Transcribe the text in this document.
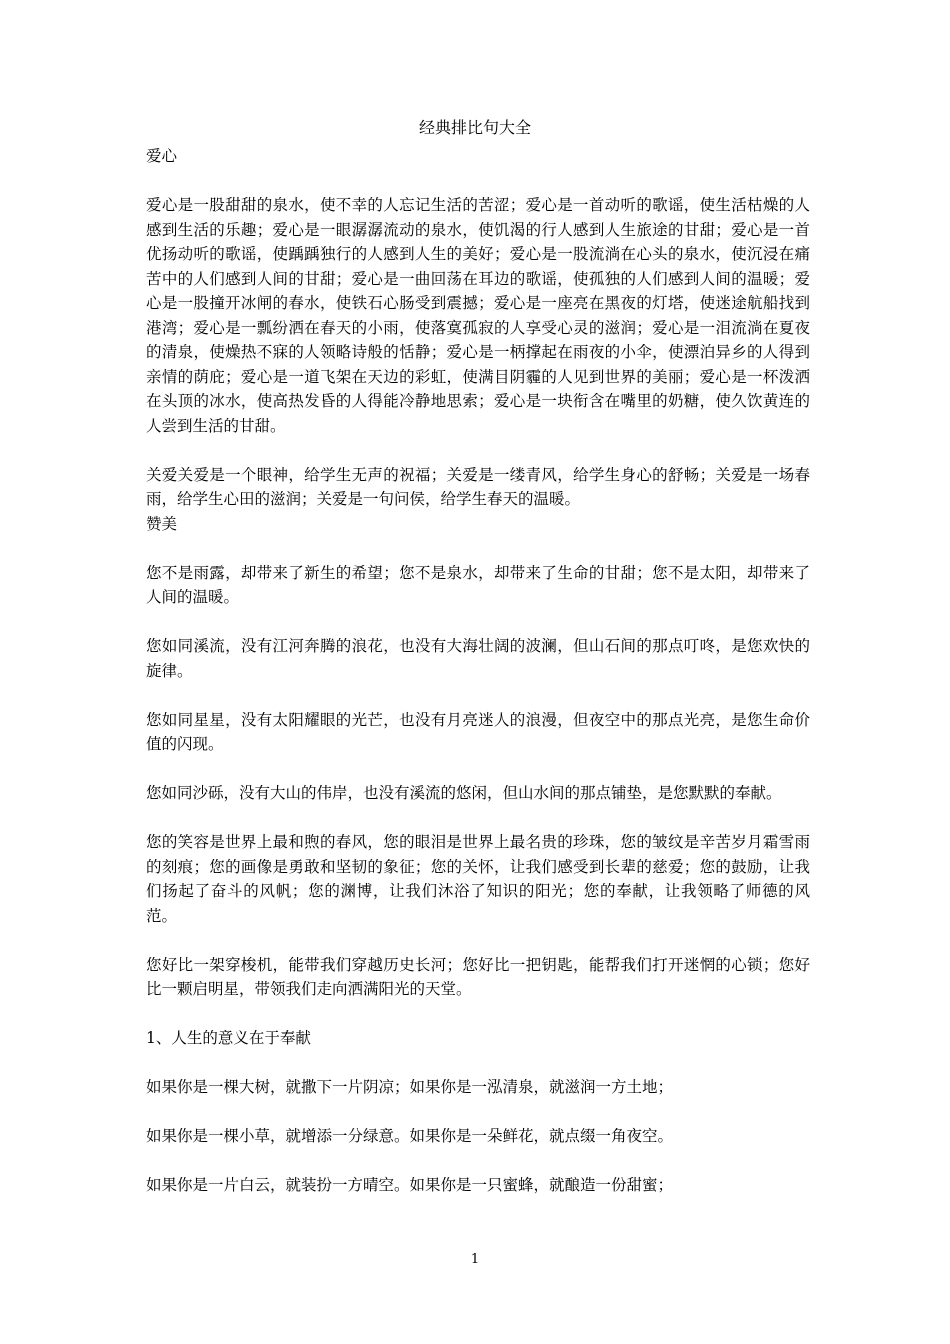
经典排比句大全

爱心

爱心是一股甜甜的泉水，使不幸的人忘记生活的苦涩；爱心是一首动听的歌谣，使生活枯燥的人感到生活的乐趣；爱心是一眼潺潺流动的泉水，使饥渴的行人感到人生旅途的甘甜；爱心是一首优扬动听的歌谣，使踽踽独行的人感到人生的美好；爱心是一股流淌在心头的泉水，使沉浸在痛苦中的人们感到人间的甘甜；爱心是一曲回荡在耳边的歌谣，使孤独的人们感到人间的温暖；爱心是一股撞开冰闸的春水，使铁石心肠受到震撼；爱心是一座亮在黑夜的灯塔，使迷途航船找到港湾；爱心是一瓢纷洒在春天的小雨，使落寞孤寂的人享受心灵的滋润；爱心是一泪流淌在夏夜的清泉，使燥热不寐的人领略诗般的恬静；爱心是一柄撑起在雨夜的小伞，使漂泊异乡的人得到亲情的荫庇；爱心是一道飞架在天边的彩虹，使满目阴霾的人见到世界的美丽；爱心是一杯泼洒在头顶的冰水，使高热发昏的人得能冷静地思索；爱心是一块衔含在嘴里的奶糖，使久饮黄连的人尝到生活的甘甜。

关爱关爱是一个眼神，给学生无声的祝福；关爱是一缕青风，给学生身心的舒畅；关爱是一场春雨，给学生心田的滋润；关爱是一句问侯，给学生春天的温暖。

赞美

您不是雨露，却带来了新生的希望；您不是泉水，却带来了生命的甘甜；您不是太阳，却带来了人间的温暖。

您如同溪流，没有江河奔腾的浪花，也没有大海壮阔的波澜，但山石间的那点叮咚，是您欢快的旋律。

您如同星星，没有太阳耀眼的光芒，也没有月亮迷人的浪漫，但夜空中的那点光亮，是您生命价值的闪现。

您如同沙砾，没有大山的伟岸，也没有溪流的悠闲，但山水间的那点铺垫，是您默默的奉献。

您的笑容是世界上最和煦的春风，您的眼泪是世界上最名贵的珍珠，您的皱纹是辛苦岁月霜雪雨的刻痕；您的画像是勇敢和坚韧的象征；您的关怀，让我们感受到长辈的慈爱；您的鼓励，让我们扬起了奋斗的风帆；您的渊博，让我们沐浴了知识的阳光；您的奉献，让我领略了师德的风范。

您好比一架穿梭机，能带我们穿越历史长河；您好比一把钥匙，能帮我们打开迷惘的心锁；您好比一颗启明星，带领我们走向洒满阳光的天堂。

1、人生的意义在于奉献

如果你是一棵大树，就撒下一片阴凉；如果你是一泓清泉，就滋润一方土地；

如果你是一棵小草，就增添一分绿意。如果你是一朵鲜花，就点缀一角夜空。

如果你是一片白云，就装扮一方晴空。如果你是一只蜜蜂，就酿造一份甜蜜；

1
